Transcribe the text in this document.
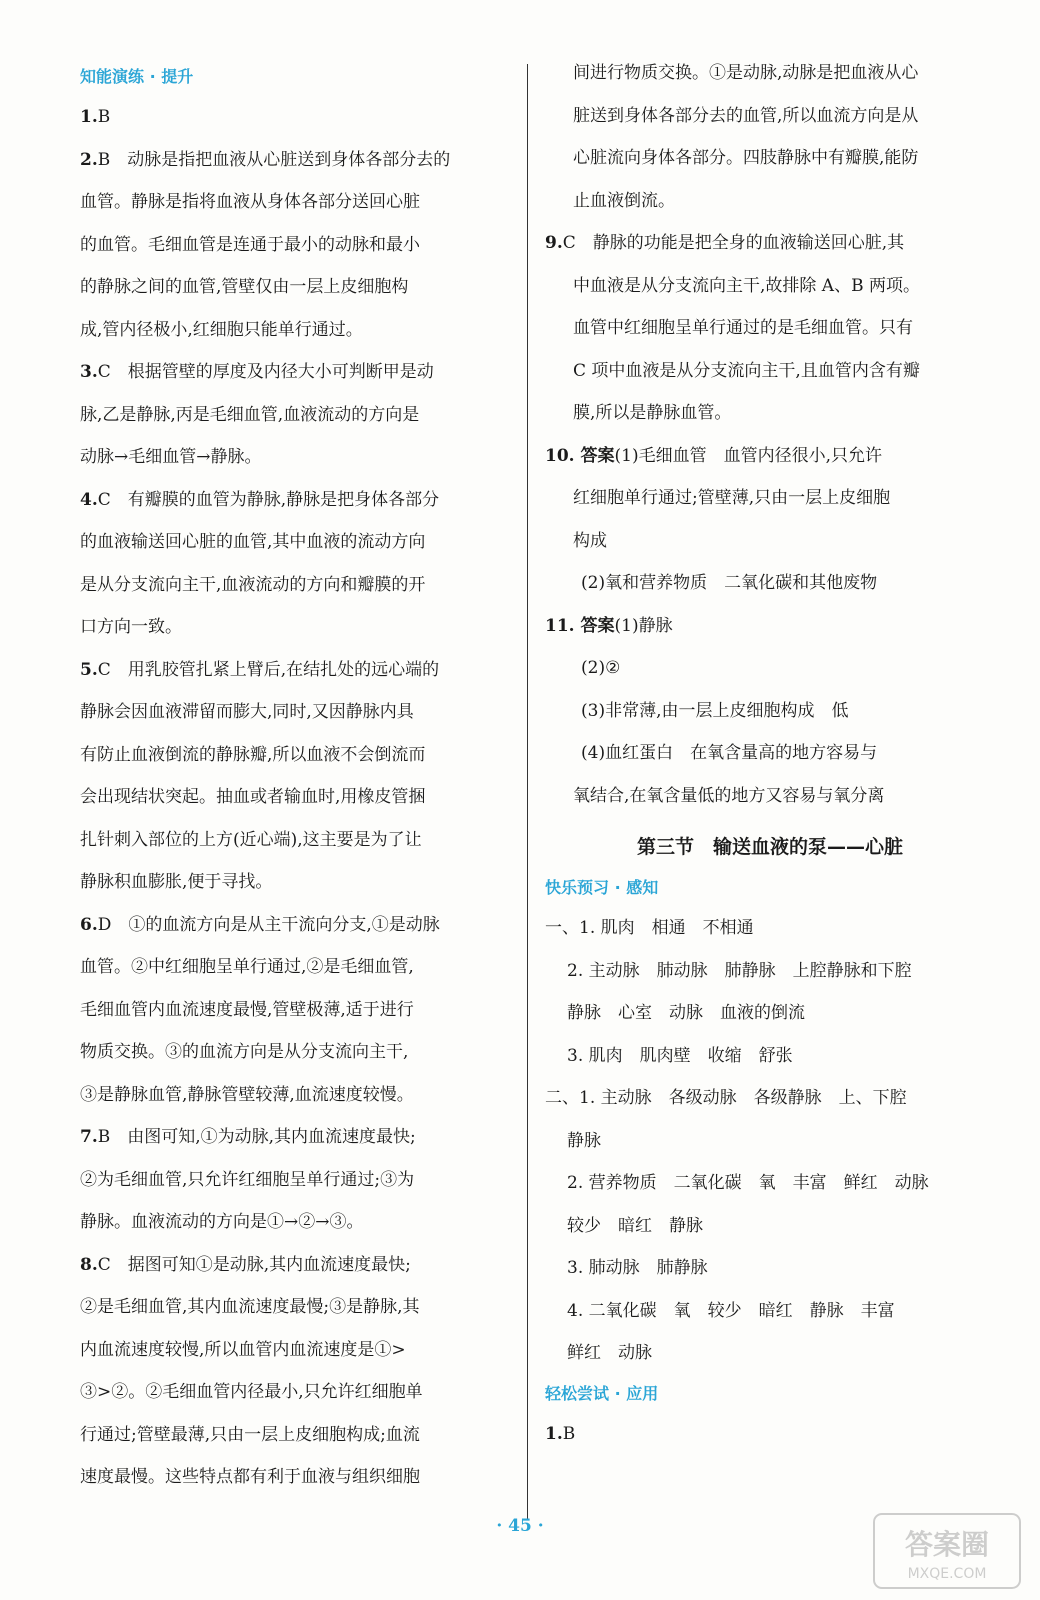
知能演练 · 提升
1.B
2.B　动脉是指把血液从心脏送到身体各部分去的
血管。静脉是指将血液从身体各部分送回心脏
的血管。毛细血管是连通于最小的动脉和最小
的静脉之间的血管,管壁仅由一层上皮细胞构
成,管内径极小,红细胞只能单行通过。
3.C　根据管壁的厚度及内径大小可判断甲是动
脉,乙是静脉,丙是毛细血管,血液流动的方向是
动脉→毛细血管→静脉。
4.C　有瓣膜的血管为静脉,静脉是把身体各部分
的血液输送回心脏的血管,其中血液的流动方向
是从分支流向主干,血液流动的方向和瓣膜的开
口方向一致。
5.C　用乳胶管扎紧上臂后,在结扎处的远心端的
静脉会因血液滞留而膨大,同时,又因静脉内具
有防止血液倒流的静脉瓣,所以血液不会倒流而
会出现结状突起。抽血或者输血时,用橡皮管捆
扎针刺入部位的上方(近心端),这主要是为了让
静脉积血膨胀,便于寻找。
6.D　①的血流方向是从主干流向分支,①是动脉
血管。②中红细胞呈单行通过,②是毛细血管,
毛细血管内血流速度最慢,管壁极薄,适于进行
物质交换。③的血流方向是从分支流向主干,
③是静脉血管,静脉管壁较薄,血流速度较慢。
7.B　由图可知,①为动脉,其内血流速度最快;
②为毛细血管,只允许红细胞呈单行通过;③为
静脉。血液流动的方向是①→②→③。
8.C　据图可知①是动脉,其内血流速度最快;
②是毛细血管,其内血流速度最慢;③是静脉,其
内血流速度较慢,所以血管内血流速度是①>
③>②。②毛细血管内径最小,只允许红细胞单
行通过;管壁最薄,只由一层上皮细胞构成;血流
速度最慢。这些特点都有利于血液与组织细胞
间进行物质交换。①是动脉,动脉是把血液从心
脏送到身体各部分去的血管,所以血流方向是从
心脏流向身体各部分。四肢静脉中有瓣膜,能防
止血液倒流。
9.C　静脉的功能是把全身的血液输送回心脏,其
中血液是从分支流向主干,故排除 A、B 两项。
血管中红细胞呈单行通过的是毛细血管。只有
C 项中血液是从分支流向主干,且血管内含有瓣
膜,所以是静脉血管。
10. 答案(1)毛细血管　血管内径很小,只允许
红细胞单行通过;管壁薄,只由一层上皮细胞
构成
(2)氧和营养物质　二氧化碳和其他废物
11. 答案(1)静脉
(2)②
(3)非常薄,由一层上皮细胞构成　低
(4)血红蛋白　在氧含量高的地方容易与
氧结合,在氧含量低的地方又容易与氧分离
第三节　输送血液的泵——心脏
快乐预习 · 感知
一、1. 肌肉　相通　不相通
2. 主动脉　肺动脉　肺静脉　上腔静脉和下腔
静脉　心室　动脉　血液的倒流
3. 肌肉　肌肉壁　收缩　舒张
二、1. 主动脉　各级动脉　各级静脉　上、下腔
静脉
2. 营养物质　二氧化碳　氧　丰富　鲜红　动脉
较少　暗红　静脉
3. 肺动脉　肺静脉
4. 二氧化碳　氧　较少　暗红　静脉　丰富
鲜红　动脉
轻松尝试 · 应用
1.B
· 45 ·
答案圈
MXQE.COM
